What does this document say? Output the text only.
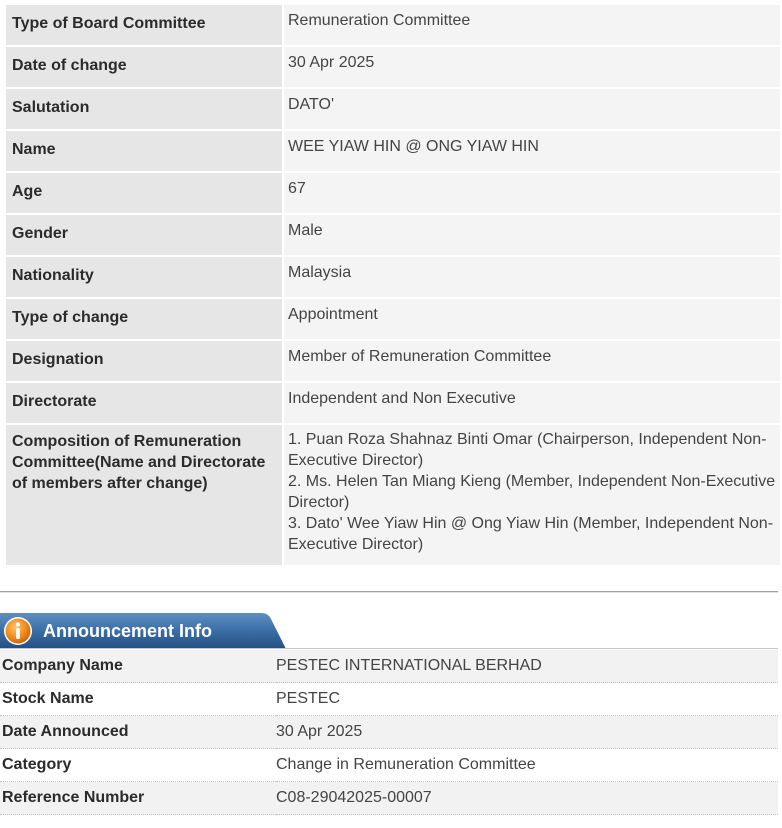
Type of Board Committee	Remuneration Committee
Date of change	30 Apr 2025
Salutation	DATO'
Name	WEE YIAW HIN @ ONG YIAW HIN
Age	67
Gender	Male
Nationality	Malaysia
Type of change	Appointment
Designation	Member of Remuneration Committee
Directorate	Independent and Non Executive
Composition of Remuneration Committee(Name and Directorate of members after change)	1. Puan Roza Shahnaz Binti Omar (Chairperson, Independent Non-Executive Director)
2. Ms. Helen Tan Miang Kieng (Member, Independent Non-Executive Director)
3. Dato' Wee Yiaw Hin @ Ong Yiaw Hin (Member, Independent Non-Executive Director)
Announcement Info
Company Name	PESTEC INTERNATIONAL BERHAD
Stock Name	PESTEC
Date Announced	30 Apr 2025
Category	Change in Remuneration Committee
Reference Number	C08-29042025-00007
